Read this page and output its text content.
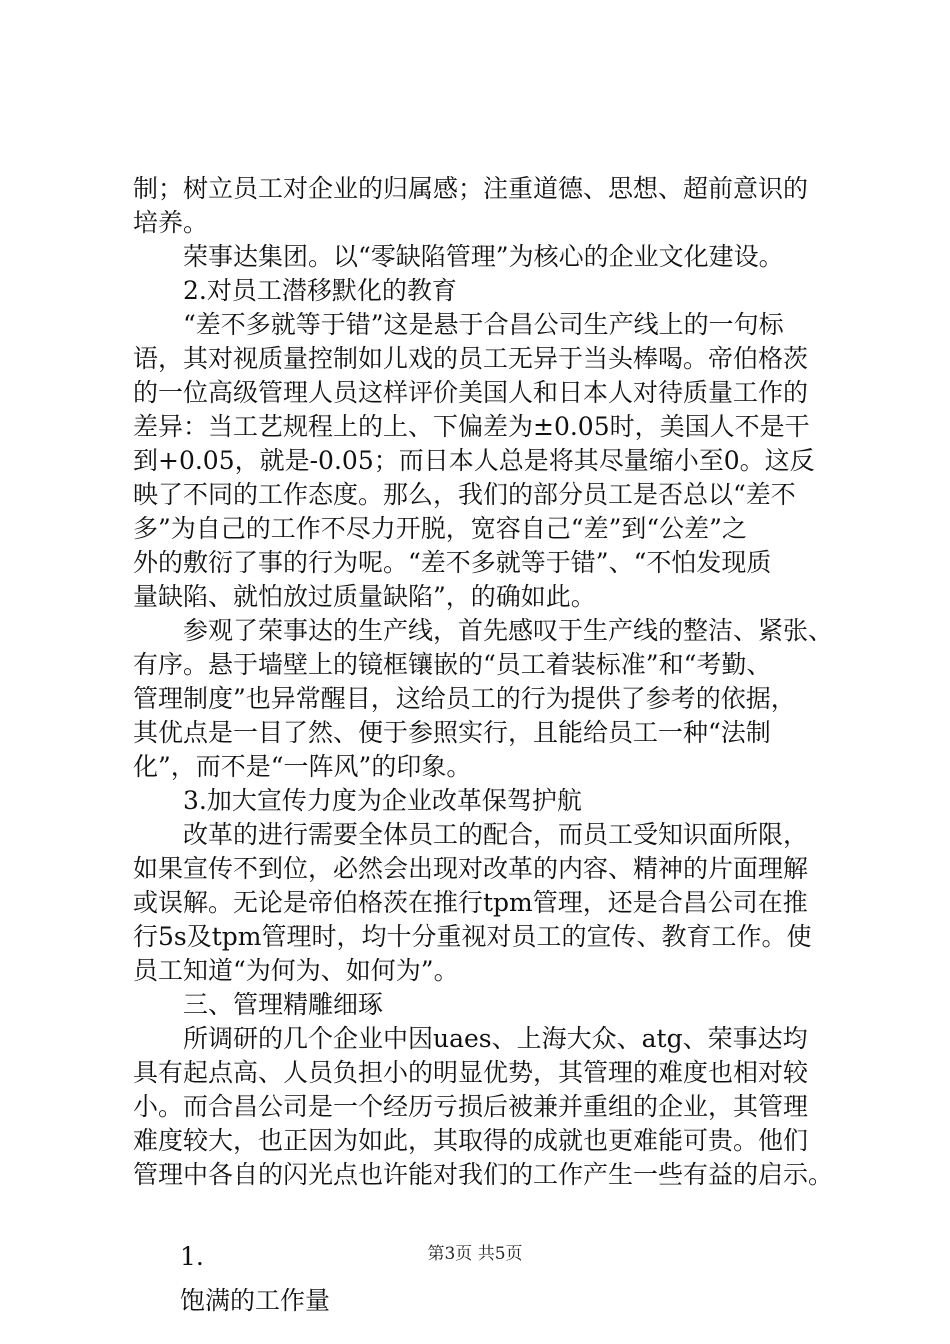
制；树立员工对企业的归属感；注重道德、思想、超前意识的

培养。

荣事达集团。以“零缺陷管理”为核心的企业文化建设。

2.对员工潜移默化的教育

“差不多就等于错”这是悬于合昌公司生产线上的一句标

语，其对视质量控制如儿戏的员工无异于当头棒喝。帝伯格茨

的一位高级管理人员这样评价美国人和日本人对待质量工作的

差异：当工艺规程上的上、下偏差为±0.05时，美国人不是干

到+0.05，就是-0.05；而日本人总是将其尽量缩小至0。这反

映了不同的工作态度。那么，我们的部分员工是否总以“差不

多”为自己的工作不尽力开脱，宽容自己“差”到“公差”之

外的敷衍了事的行为呢。“差不多就等于错”、“不怕发现质

量缺陷、就怕放过质量缺陷”，的确如此。

参观了荣事达的生产线，首先感叹于生产线的整洁、紧张、

有序。悬于墙壁上的镜框镶嵌的“员工着装标准”和“考勤、

管理制度”也异常醒目，这给员工的行为提供了参考的依据，

其优点是一目了然、便于参照实行，且能给员工一种“法制

化”，而不是“一阵风”的印象。

3.加大宣传力度为企业改革保驾护航

改革的进行需要全体员工的配合，而员工受知识面所限，

如果宣传不到位，必然会出现对改革的内容、精神的片面理解

或误解。无论是帝伯格茨在推行tpm管理，还是合昌公司在推

行5s及tpm管理时，均十分重视对员工的宣传、教育工作。使

员工知道“为何为、如何为”。

三、管理精雕细琢

所调研的几个企业中因uaes、上海大众、atg、荣事达均

具有起点高、人员负担小的明显优势，其管理的难度也相对较

小。而合昌公司是一个经历亏损后被兼并重组的企业，其管理

难度较大，也正因为如此，其取得的成就也更难能可贵。他们

管理中各自的闪光点也许能对我们的工作产生一些有益的启示。

1.

饱满的工作量

第3页 共5页
